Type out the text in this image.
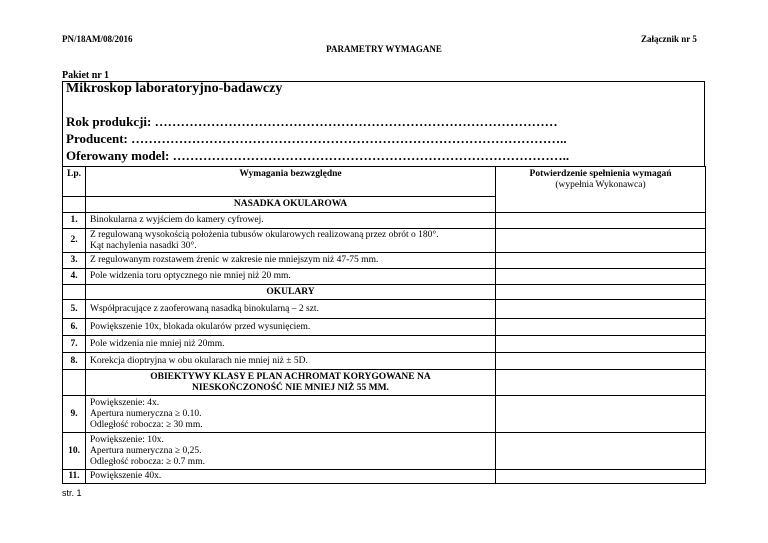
PN/18AM/08/2016	Załącznik nr 5
PARAMETRY WYMAGANE
Pakiet nr 1
Mikroskop laboratoryjno-badawczy
Rok produkcji: …………………………………………………………………………………
Producent: ………………………………………………………………………………………..
Oferowany model: ………………………………………………………………………………..
Lp.	Wymagania bezwzględne	Potwierdzenie spełnienia wymagań
(wypełnia Wykonawca)

	NASADKA OKULAROWA	
1.	Binokularna z wyjściem do kamery cyfrowej.	
2.	Z regulowaną wysokością położenia tubusów okularowych realizowaną przez obrót o 180°.
Kąt nachylenia nasadki 30°.	

3.	Z regulowanym rozstawem źrenic w zakresie nie mniejszym niż 47-75 mm.	
4.	Pole widzenia toru optycznego nie mniej niż 20 mm.	
	OKULARY	
5.	Współpracujące z zaoferowaną nasadką binokularną – 2 szt.	
6.	Powiększenie 10x, blokada okularów przed wysunięciem.	
7.	Pole widzenia nie mniej niż 20mm.	
8.	Korekcja dioptryjna w obu okularach nie mniej niż ± 5D.	

	OBIEKTYWY KLASY E PLAN ACHROMAT KORYGOWANE NA
NIESKOŃCZONOŚĆ NIE MNIEJ NIŻ 55 MM.	

9.	Powiększenie: 4x.
Apertura numeryczna ≥ 0.10.
Odległość robocza: ≥ 30 mm.	

10.	Powiększenie: 10x.
Apertura numeryczna ≥ 0,25.
Odległość robocza: ≥ 0.7 mm.	

11.	Powiększenie 40x.	
str. 1
